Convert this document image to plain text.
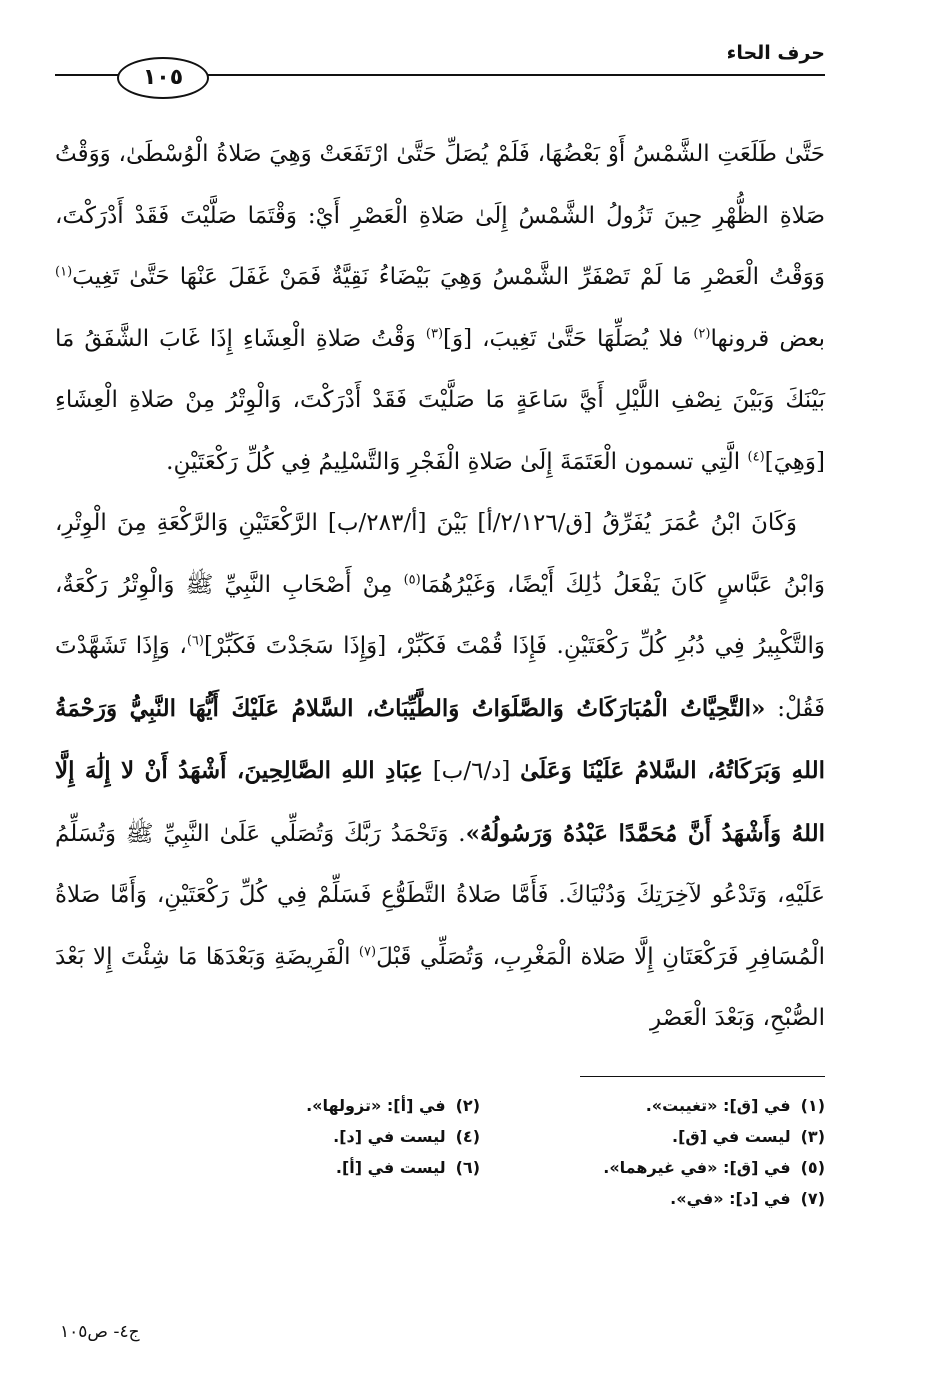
حرف الحاء
١٠٥

حَتَّىٰ طَلَعَتِ الشَّمْسُ أَوْ بَعْضُهَا، فَلَمْ يُصَلِّ حَتَّىٰ ارْتَفَعَتْ وَهِيَ صَلاةُ الْوُسْطَىٰ، وَوَقْتُ صَلاةِ الظُّهْرِ حِينَ تَزُولُ الشَّمْسُ إِلَىٰ صَلاةِ الْعَصْرِ أَيْ: وَقْتَمَا صَلَّيْتَ فَقَدْ أَدْرَكْتَ، وَوَقْتُ الْعَصْرِ مَا لَمْ تَصْفَرِّ الشَّمْسُ وَهِيَ بَيْضَاءُ نَقِيَّةٌ فَمَنْ غَفَلَ عَنْهَا حَتَّىٰ تَغِيبَ$^{(١)}$ بعض قرونها$^{(٢)}$ فلا يُصَلِّهَا حَتَّىٰ تَغِيبَ، [وَ]$^{(٣)}$ وَقْتُ صَلاةِ الْعِشَاءِ إِذَا غَابَ الشَّفَقُ مَا بَيْنَكَ وَبَيْنَ نِصْفِ اللَّيْلِ أَيَّ سَاعَةٍ مَا صَلَّيْتَ فَقَدْ أَدْرَكْتَ، وَالْوِتْرُ مِنْ صَلاةِ الْعِشَاءِ [وَهِيَ]$^{(٤)}$ الَّتِي تسمون الْعَتَمَةَ إِلَىٰ صَلاةِ الْفَجْرِ وَالتَّسْلِيمُ فِي كُلِّ رَكْعَتَيْنِ.

وَكَانَ ابْنُ عُمَرَ يُفَرِّقُ [ق/٢/١٢٦/أ] بَيْنَ [أ/٢٨٣/ب] الرَّكْعَتَيْنِ وَالرَّكْعَةِ مِنَ الْوِتْرِ، وَابْنُ عَبَّاسٍ كَانَ يَفْعَلُ ذَٰلِكَ أَيْضًا، وَغَيْرُهُمَا$^{(٥)}$ مِنْ أَصْحَابِ النَّبِيِّ ﷺ وَالْوِتْرُ رَكْعَةٌ، وَالتَّكْبِيرُ فِي دُبُرِ كُلِّ رَكْعَتَيْنِ. فَإِذَا قُمْتَ فَكَبِّرْ، [وَإِذَا سَجَدْتَ فَكَبِّرْ]$^{(٦)}$، وَإِذَا تَشَهَّدْتَ فَقُلْ: «التَّحِيَّاتُ الْمُبَارَكَاتُ وَالصَّلَوَاتُ وَالطَّيِّبَاتُ، السَّلامُ عَلَيْكَ أَيُّهَا النَّبِيُّ وَرَحْمَةُ اللهِ وَبَرَكَاتُهُ، السَّلامُ عَلَيْنَا وَعَلَىٰ [د/٦/ب] عِبَادِ اللهِ الصَّالِحِينَ، أَشْهَدُ أَنْ لا إِلَٰهَ إِلَّا اللهُ وَأَشْهَدُ أَنَّ مُحَمَّدًا عَبْدُهُ وَرَسُولُهُ». وَتَحْمَدُ رَبَّكَ وَتُصَلِّي عَلَىٰ النَّبِيِّ ﷺ وَتُسَلِّمُ عَلَيْهِ، وَتَدْعُو لآخِرَتِكَ وَدُنْيَاكَ. فَأَمَّا صَلاةُ التَّطَوُّعِ فَسَلِّمْ فِي كُلِّ رَكْعَتَيْنِ، وَأَمَّا صَلاةُ الْمُسَافِرِ فَرَكْعَتَانِ إِلَّا صَلاة الْمَغْرِبِ، وَتُصَلِّي قَبْلَ$^{(٧)}$ الْفَرِيضَةِ وَبَعْدَهَا مَا شِئْتَ إِلا بَعْدَ الصُّبْحِ، وَبَعْدَ الْعَصْرِ

(١)في [ق]: «تغيبت».
(٢)في [أ]: «تزولها».
(٣)ليست في [ق].
(٤)ليست في [د].
(٥)في [ق]: «في غيرهما».
(٦)ليست في [أ].
(٧)في [د]: «في».
ج٤- ص١٠٥
